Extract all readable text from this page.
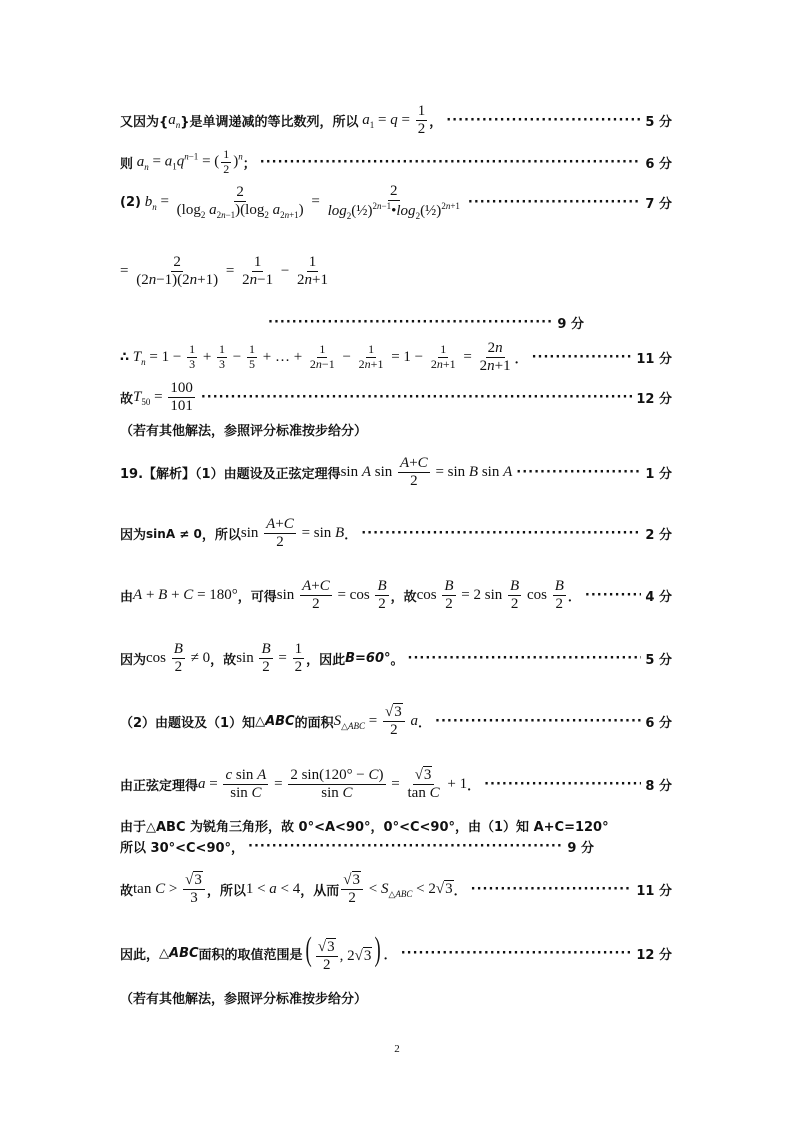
又因为{ $a_n$ }是单调递减的等比数列，所以 $a_1 = q = \frac{1}{2}$ ， ·····	5 分
则 $a_n = a_1q^{n-1}$ = ( $\frac{1}{2} )^n$
； ·····	6 分
(2) $b_n = \frac{2}{(\log_2 a_{2n-1})(\log_2 a_{2n+1})} = \frac{2}{\log_2(\frac{1}{2})^{2n-1}•\log_2(\frac{1}{2})^{2n+1}}$ ·····	7 分
= $\frac{2}{(2n-1)(2n+1)} = \frac{1}{2n-1} - \frac{1}{2n+1}$
·····
9 分
∴ $T_n = 1 - \frac{1}{3} + \frac{1}{3} - \frac{1}{5}$ + … + $\frac{1}{2n-1} - \frac{1}{2n+1} = 1 - \frac{1}{2n+1} = \frac{2n}{2n+1}$ ． ·····	11 分
故 $T_{50} = \frac{100}{101}$ ·····	12 分
（若有其他解法，参照评分标准按步给分）
19.【解析】（1）由题设及正弦定理得 sin A $\sin \frac{A+C}{2} = \sin B$ sin A ·····	1 分
因为 sinA ≠ 0 ，所以 $\sin \frac{A+C}{2} = \sin B$ ． ·····	2 分
由 A + B + C = 180° ，可得 $\sin \frac{A+C}{2} = \cos \frac{B}{2}$ ，故 $\cos \frac{B}{2} = 2$ $\sin \frac{B}{2}$ $\cos \frac{B}{2}$ ． ·····	4 分
因为 $\cos \frac{B}{2} \ne 0$ ，故 $\sin \frac{B}{2} = \frac{1}{2}$ ，因此 B=60° 。 ·····	5 分
（2）由题设及（1）知 △ABC 的面积 $S_{\triangle ABC} = \frac{√3}{2}$ a ． ·····	6 分
由正弦定理得 $a = \frac{\text{c sin A}}{\text{sin C}} = \frac{2 \sin(120^\circ - C)}{\text{sin C}} = \frac{√3}{\text{tan C}} + 1$ ． ·····	8 分
由于△ABC 为锐角三角形，故 0°<A<90°，0°<C<90°，由（1）知 A+C=120°
所以 30°<C<90°， ·····	9 分
故 $\tan C > \frac{√3}{3}$ ，所以 1 < a < 4 ，从而 $\frac{√3}{2} < S_{\triangle ABC} < 2√3$ ． ·····	11 分
因此， △ABC 面积的取值范围是 ( $\frac{√3}{2}$ , 2√3 ) ． ·····	12 分
（若有其他解法，参照评分标准按步给分）
2
